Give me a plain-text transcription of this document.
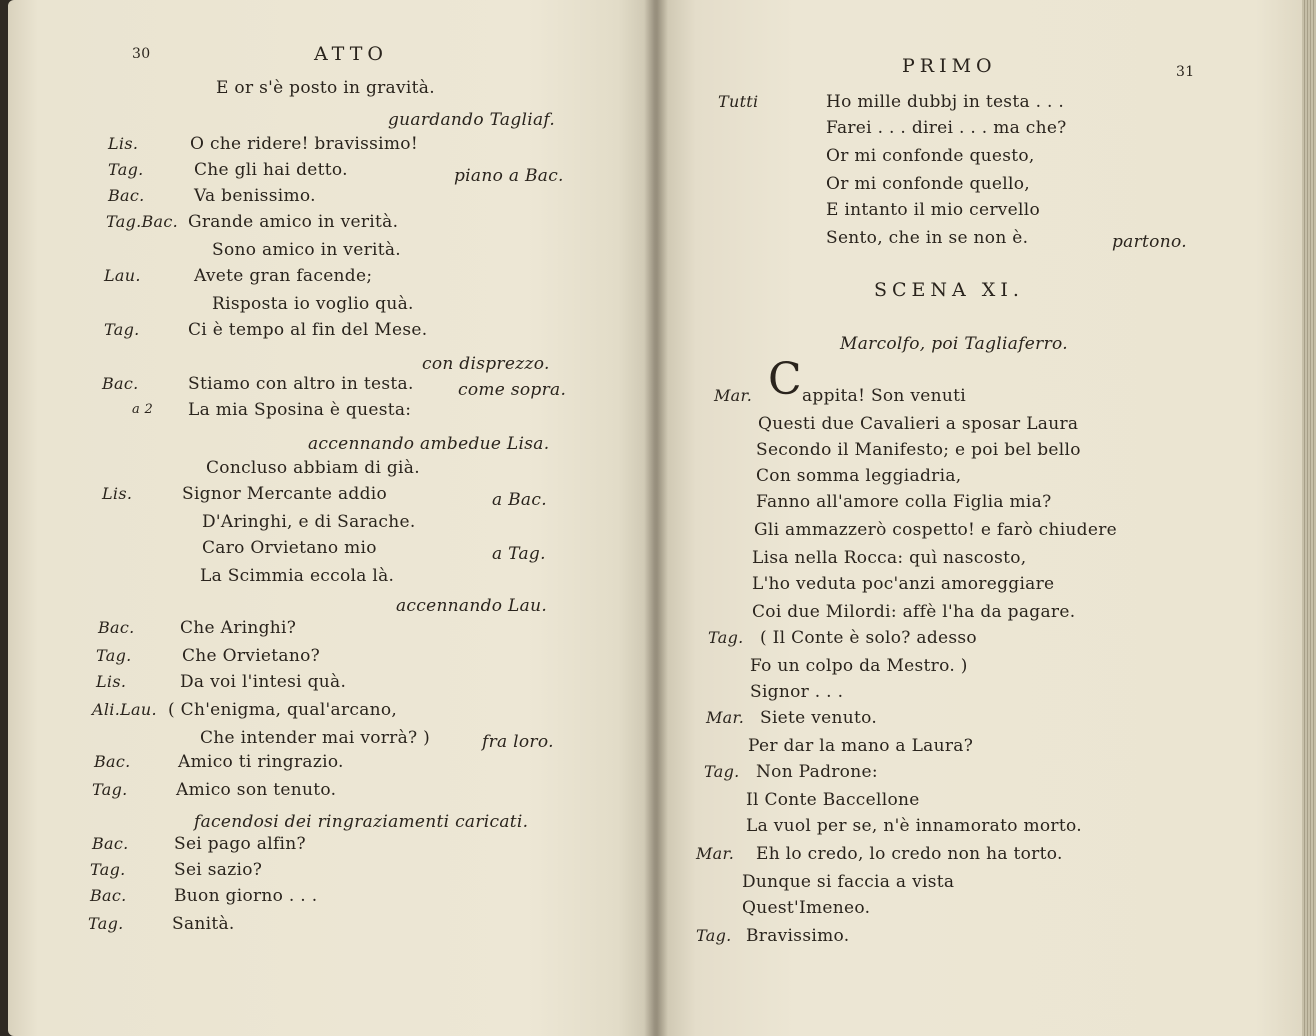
30	ATTO
E or s'è posto in gravità.
guardando Tagliaf.
Lis.	O che ridere! bravissimo!
Tag.	Che gli hai detto.	piano a Bac.
Bac.	Va benissimo.
Tag.Bac. Grande amico in verità.
Sono amico in verità.
Lau.	Avete gran facende;
Risposta io voglio quà.
Tag.	Ci è tempo al fin del Mese.
con disprezzo.
Bac.	Stiamo con altro in testa.	come sopra.
a 2 La mia Sposina è questa:
accennando ambedue Lisa.
Concluso abbiam di già.
Lis.	Signor Mercante addio	a Bac.
D'Aringhi, e di Sarache.
Caro Orvietano mio	a Tag.
La Scimmia eccola là.
accennando Lau.
Bac.	Che Aringhi?
Tag.	Che Orvietano?
Lis.	Da voi l'intesi quà.
Ali.Lau. ( Ch'enigma, qual'arcano,
Che intender mai vorrà? )	fra loro.
Bac.	Amico ti ringrazio.
Tag.	Amico son tenuto.
facendosi dei ringraziamenti caricati.
Bac.	Sei pago alfin?
Tag.	Sei sazio?
Bac.	Buon giorno . . .
Tag.	Sanità.
PRIMO	31
Tutti	Ho mille dubbj in testa . . .
Farei . . . direi . . . ma che?
Or mi confonde questo,
Or mi confonde quello,
E intanto il mio cervello
Sento, che in se non è.	partono.
SCENA XI.
Marcolfo, poi Tagliaferro.
Mar. C appita! Son venuti
Questi due Cavalieri a sposar Laura
Secondo il Manifesto; e poi bel bello
Con somma leggiadria,
Fanno all'amore colla Figlia mia?
Gli ammazzerò cospetto! e farò chiudere
Lisa nella Rocca: quì nascosto,
L'ho veduta poc'anzi amoreggiare
Coi due Milordi: affè l'ha da pagare.
Tag. ( Il Conte è solo? adesso
Fo un colpo da Mestro. )
Signor . . .
Mar. Siete venuto.
Per dar la mano a Laura?
Tag. Non Padrone:
Il Conte Baccellone
La vuol per se, n'è innamorato morto.
Mar. Eh lo credo, lo credo non ha torto.
Dunque si faccia a vista
Quest'Imeneo.
Tag. Bravissimo.
